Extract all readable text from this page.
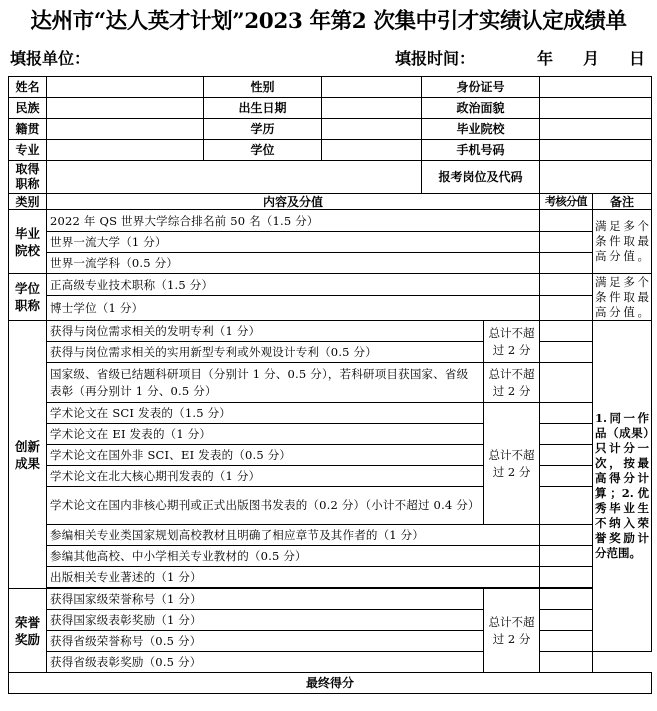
达州市“达人英才计划”2023 年第2 次集中引才实绩认定成绩单
填报单位：	填报时间：	年 月 日
姓名		性别		身份证号			
民族		出生日期		政治面貌			
籍贯		学历		毕业院校			
专业		学位		手机号码			
取得职称				报考岗位及代码			
类别	内容及分值					考核分值	备注
毕业院校	2022 年 QS 世界大学综合排名前 50 名（1.5 分）						满足多个条件取最高分值。
	世界一流大学（1 分）						
	世界一流学科（0.5 分）						
学位职称	正高级专业技术职称（1.5 分）						满足多个条件取最高分值。
	博士学位（1 分）						
创新成果	获得与岗位需求相关的发明专利（1 分）				总计不超过 2 分		1.同一作品（成果）只计分一次，按最高得分计算；2.优秀毕业生不纳入荣誉奖励计分范围。
	获得与岗位需求相关的实用新型专利或外观设计专利（0.5 分）						
	国家级、省级已结题科研项目（分别计 1 分、0.5 分），若科研项目获国家、省级表彰（再分别计 1 分、0.5 分）				总计不超过 2 分		
	学术论文在 SCI 发表的（1.5 分）				总计不超过 2 分		
	学术论文在 EI 发表的（1 分）						
	学术论文在国外非 SCI、EI 发表的（0.5 分）						
	学术论文在北大核心期刊发表的（1 分）						
	学术论文在国内非核心期刊或正式出版图书发表的（0.2 分）（小计不超过 0.4 分）						
	参编相关专业类国家规划高校教材且明确了相应章节及其作者的（1 分）						
	参编其他高校、中小学相关专业教材的（0.5 分）						
	出版相关专业著述的（1 分）						

荣誉奖励	获得国家级荣誉称号（1 分）				总计不超过 2 分		
	获得国家级表彰奖励（1 分）						
	获得省级荣誉称号（0.5 分）						
	获得省级表彰奖励（0.5 分）						
最终得分							
